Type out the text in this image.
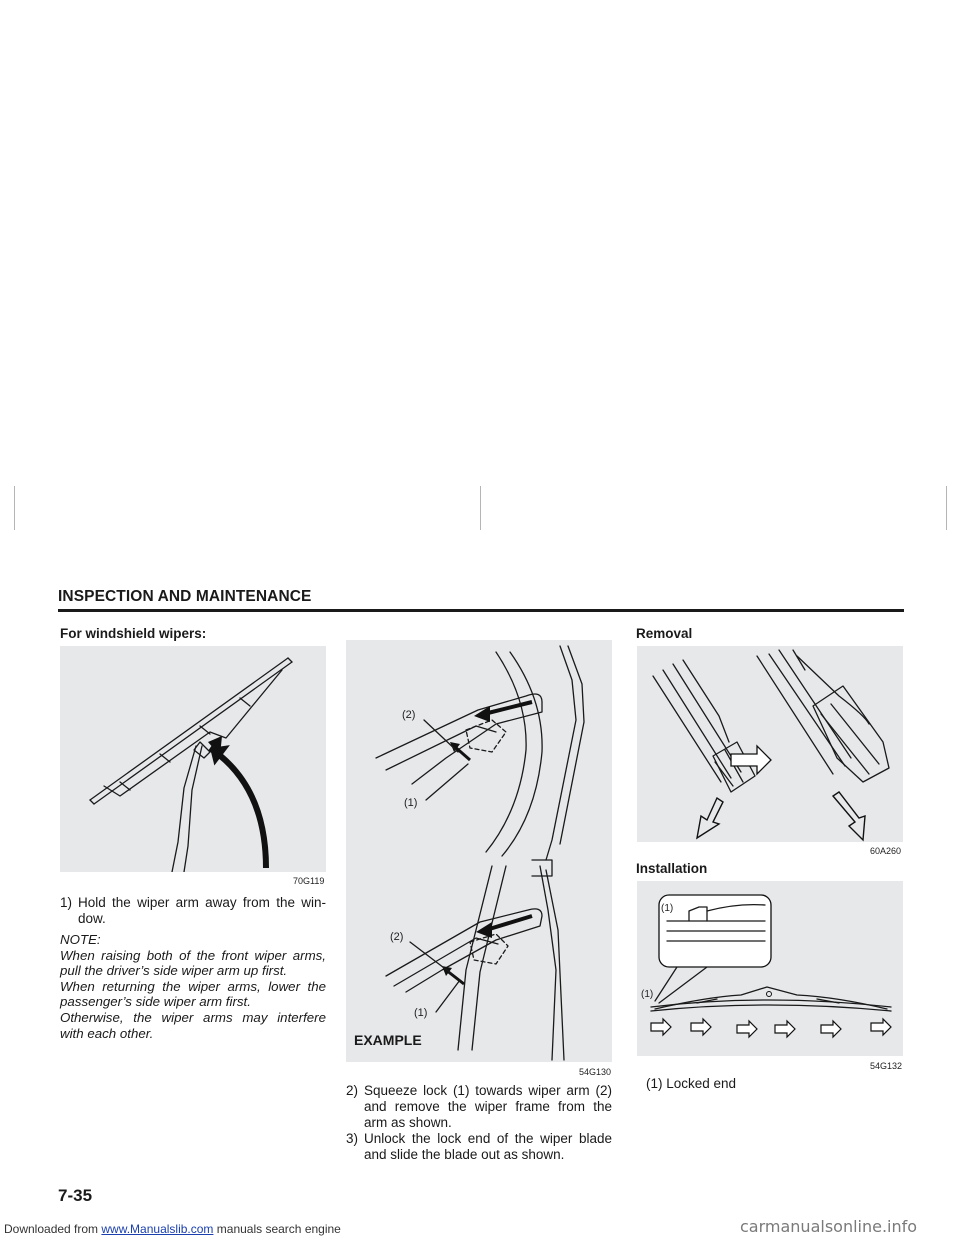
INSPECTION AND MAINTENANCE
For windshield wipers:
70G119
1) Hold the wiper arm away from the win-dow.
NOTE:
When raising both of the front wiper arms,
pull the driver’s side wiper arm up first.
When returning the wiper arms, lower the
passenger’s side wiper arm first.
Otherwise, the wiper arms may interfere
with each other.
(2)
(1)
(2)
(1)
EXAMPLE
54G130
2) Squeeze lock (1) towards wiper arm (2) and remove the wiper frame from the arm as shown.
3) Unlock the lock end of the wiper blade and slide the blade out as shown.
Removal
60A260
Installation
(1)
(1)
54G132
(1) Locked end
7-35
Downloaded from www.Manualslib.com manuals search engine	carmanualsonline.info
